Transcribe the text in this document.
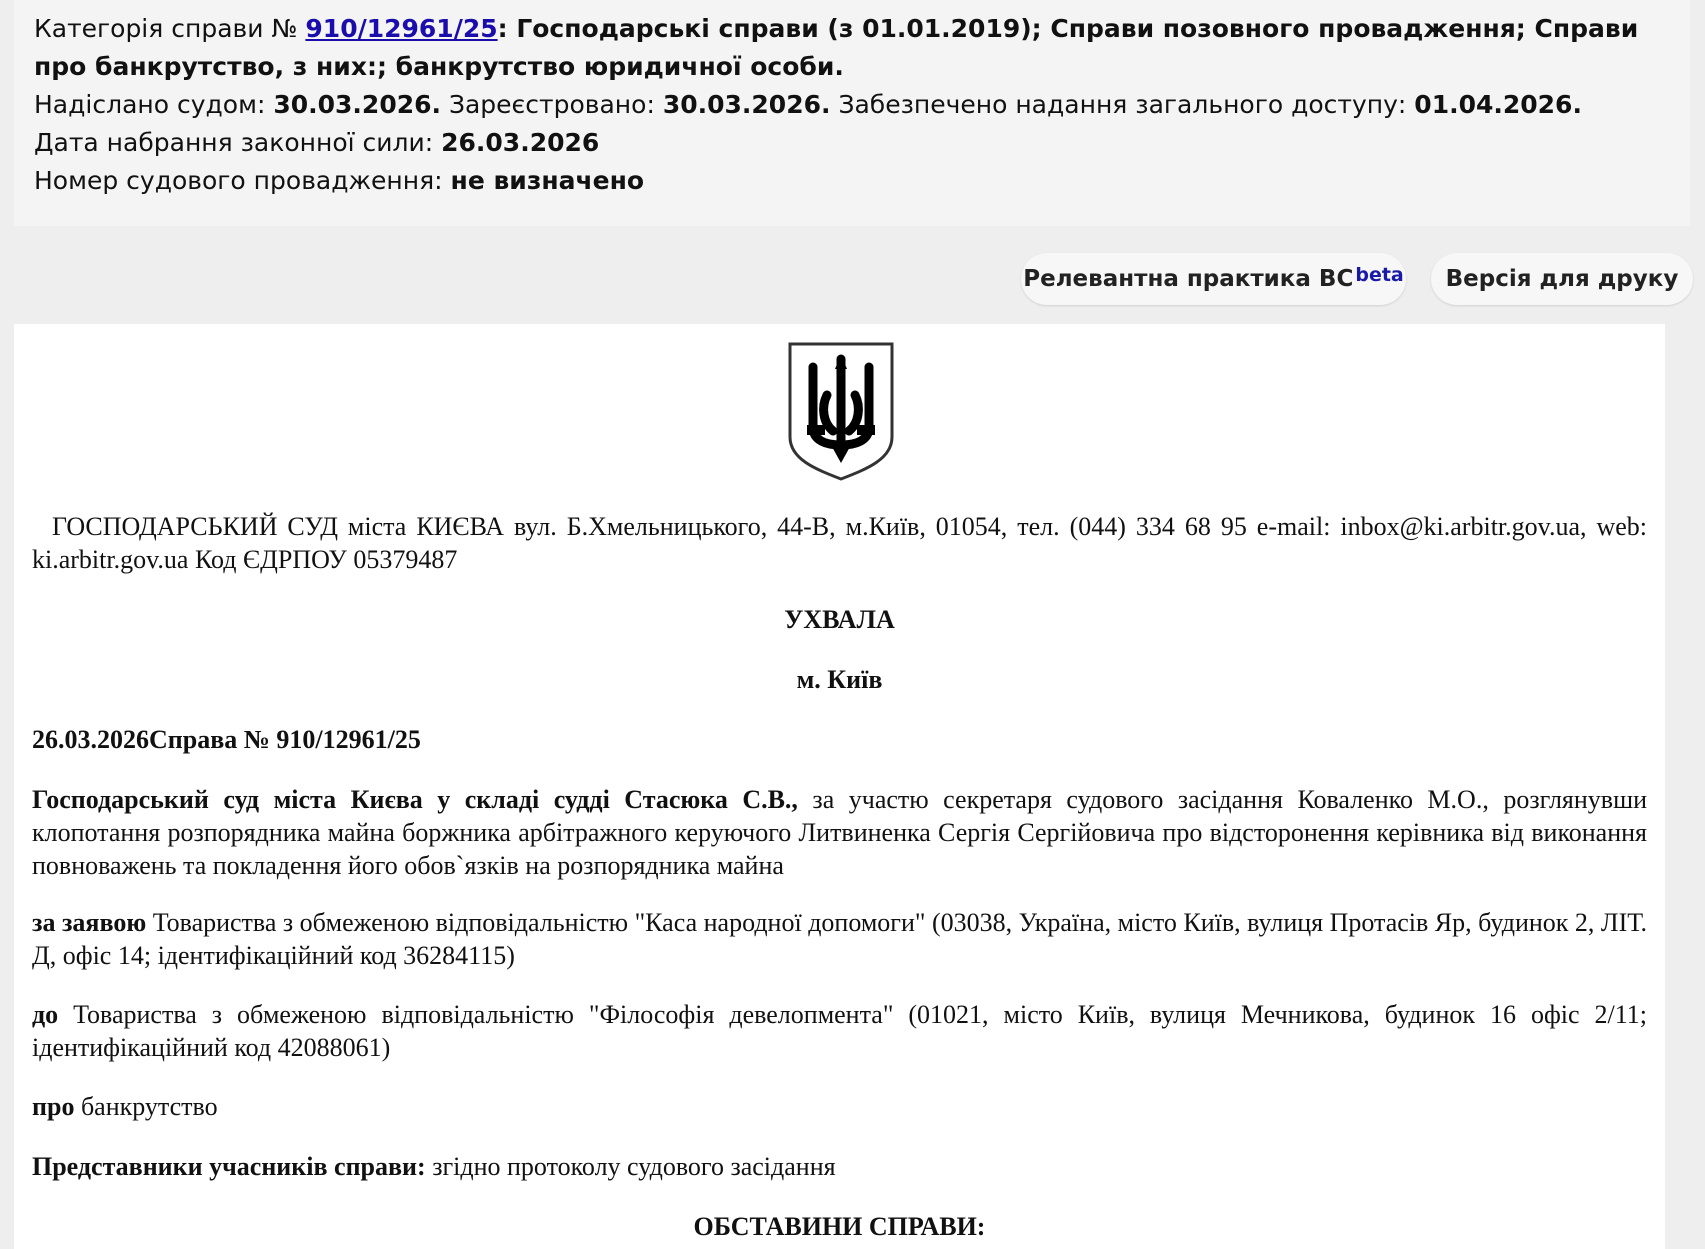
Категорія справи № 910/12961/25: Господарські справи (з 01.01.2019); Справи позовного провадження; Справи про банкрутство, з них:; банкрутство юридичної особи.

Надіслано судом: 30.03.2026. Зареєстровано: 30.03.2026. Забезпечено надання загального доступу: 01.04.2026.

Дата набрання законної сили: 26.03.2026

Номер судового провадження: не визначено

Релевантна практика $ВС^{beta}$ Версія для друку

ГОСПОДАРСЬКИЙ СУД міста КИЄВА вул. Б.Хмельницького, 44-В, м.Київ, 01054, тел. (044) 334 68 95 e-mail: inbox@ki.arbitr.gov.ua, web: ki.arbitr.gov.ua Код ЄДРПОУ 05379487

УХВАЛА

м. Київ

26.03.2026Справа № 910/12961/25

Господарський суд міста Києва у складі судді Стасюка С.В., за участю секретаря судового засідання Коваленко М.О., розглянувши клопотання розпорядника майна боржника арбітражного керуючого Литвиненка Сергія Сергійовича про відсторонення керівника від виконання повноважень та покладення його обов`язків на розпорядника майна

за заявою Товариства з обмеженою відповідальністю "Каса народної допомоги" (03038, Україна, місто Київ, вулиця Протасів Яр, будинок 2, ЛІТ. Д, офіс 14; ідентифікаційний код 36284115)

до Товариства з обмеженою відповідальністю "Філософія девелопмента" (01021, місто Київ, вулиця Мечникова, будинок 16 офіс 2/11; ідентифікаційний код 42088061)

про банкрутство

Представники учасників справи: згідно протоколу судового засідання

ОБСТАВИНИ СПРАВИ:
